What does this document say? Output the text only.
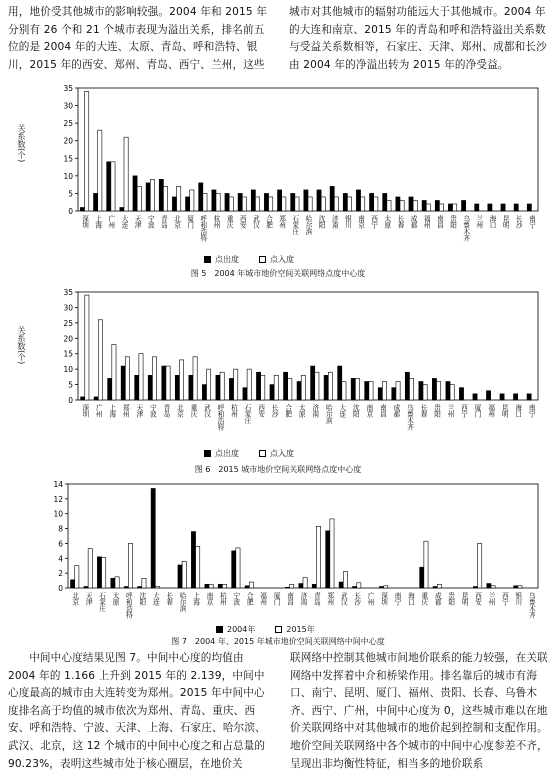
用，地价受其他城市的影响较强。2004 年和 2015 年分别有 26 个和 21 个城市表现为溢出关系，排名前五位的是 2004 年的大连、太原、青岛、呼和浩特、银川，2015 年的西安、郑州、青岛、西宁、兰州，这些

城市对其他城市的辐射功能远大于其他城市。2004 年的大连和南京、2015 年的青岛和呼和浩特溢出关系数与受益关系数相等，石家庄、天津、郑州、成都和长沙由 2004 年的净溢出转为 2015 年的净受益。

0
5
10
15
20
25
30
35
深圳 上海 广州 大连 天津 宁波 青岛 北京 厦门 呼和浩特 杭州 重庆 西安 武汉 合肥 郑州 石家庄 哈尔滨 沈阳 济南 银川 南京 西宁 太原 长春 成都 福州 南昌 贵阳 乌鲁木齐 兰州 海口 昆明 长沙 南宁
关系数(个)
点出度	点入度
图 5　2004 年城市地价空间关联网络点度中心度
0
5
10
15
20
25
30
35
深圳 广州 上海 郑州 天津 宁波 青岛 北京 重庆 武汉 呼和浩特 杭州 石家庄 西安 长沙 合肥 太原 济南 哈尔滨 大连 沈阳 南京 南昌 成都 乌鲁木齐 长春 贵阳 兰州 西宁 厦门 福州 昆明 海口 南宁
关系数(个)
点出度	点入度
图 6　2015 城市地价空间关联网络点度中心度
0
2
4
6
8
10
12
14
北京 天津 石家庄 太原 呼和浩特 沈阳 大连 长春 哈尔滨 上海 南京 杭州 宁波 合肥 福州 厦门 南昌 济南 青岛 郑州 武汉 长沙 广州 深圳 南宁 海口 重庆 成都 贵阳 昆明 西安 兰州 西宁 银川 乌鲁木齐
2004年	2015年
图 7　2004 年、2015 年城市地价空间关联网络中间中心度

中间中心度结果见图 7。中间中心度的均值由 2004 年的 1.166 上升到 2015 年的 2.139，中间中心度最高的城市由大连转变为郑州。2015 年中间中心度排名高于均值的城市依次为郑州、青岛、重庆、西安、呼和浩特、宁波、天津、上海、石家庄、哈尔滨、武汉、北京，这 12 个城市的中间中心度之和占总量的 90.23%，表明这些城市处于核心圈层，在地价关

联网络中控制其他城市间地价联系的能力较强，在关联网络中发挥着中介和桥梁作用。排名靠后的城市有海口、南宁、昆明、厦门、福州、贵阳、长春、乌鲁木齐、西宁、广州，中间中心度为 0，这些城市难以在地价关联网络中对其他城市的地价起到控制和支配作用。地价空间关联网络中各个城市的中间中心度参差不齐，呈现出非均衡性特征，相当多的地价联系
